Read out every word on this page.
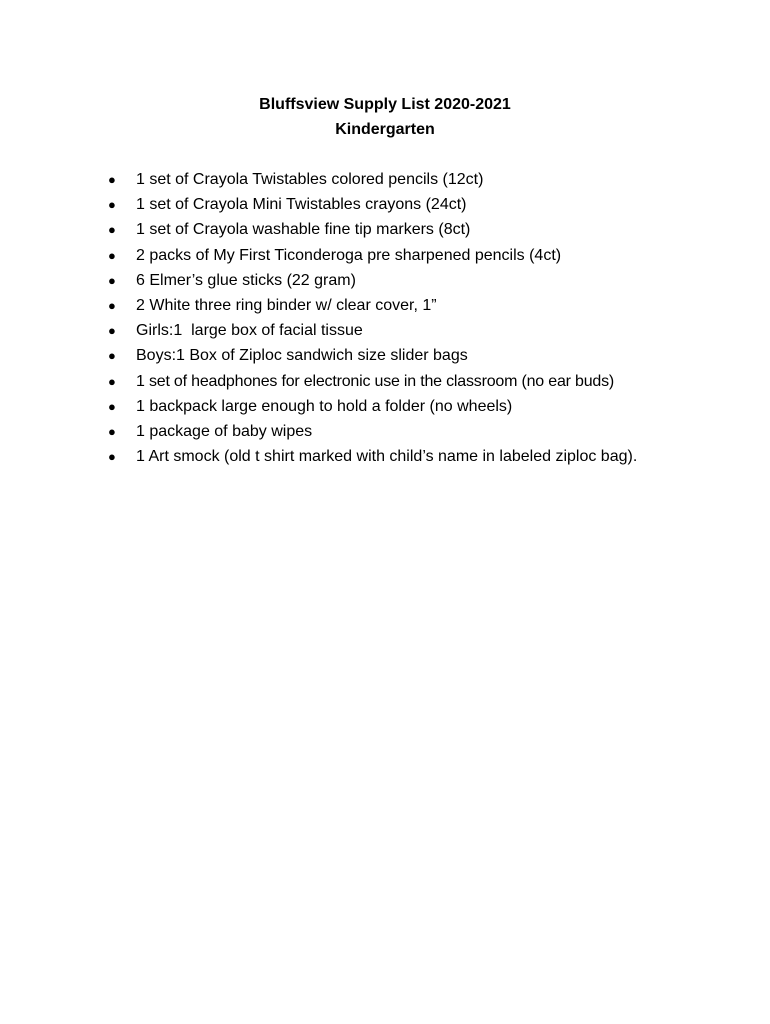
Bluffsview Supply List 2020-2021

Kindergarten

●	1 set of Crayola Twistables colored pencils (12ct)
●	1 set of Crayola Mini Twistables crayons (24ct)
●	1 set of Crayola washable fine tip markers (8ct)
●	2 packs of My First Ticonderoga pre sharpened pencils (4ct)
●	6 Elmer’s glue sticks (22 gram)
●	2 White three ring binder w/ clear cover, 1”
●	Girls:1  large box of facial tissue
●	Boys:1 Box of Ziploc sandwich size slider bags
●	1 set of headphones for electronic use in the classroom (no ear buds)
●	1 backpack large enough to hold a folder (no wheels)
●	1 package of baby wipes
●	1 Art smock (old t shirt marked with child’s name in labeled ziploc bag).
